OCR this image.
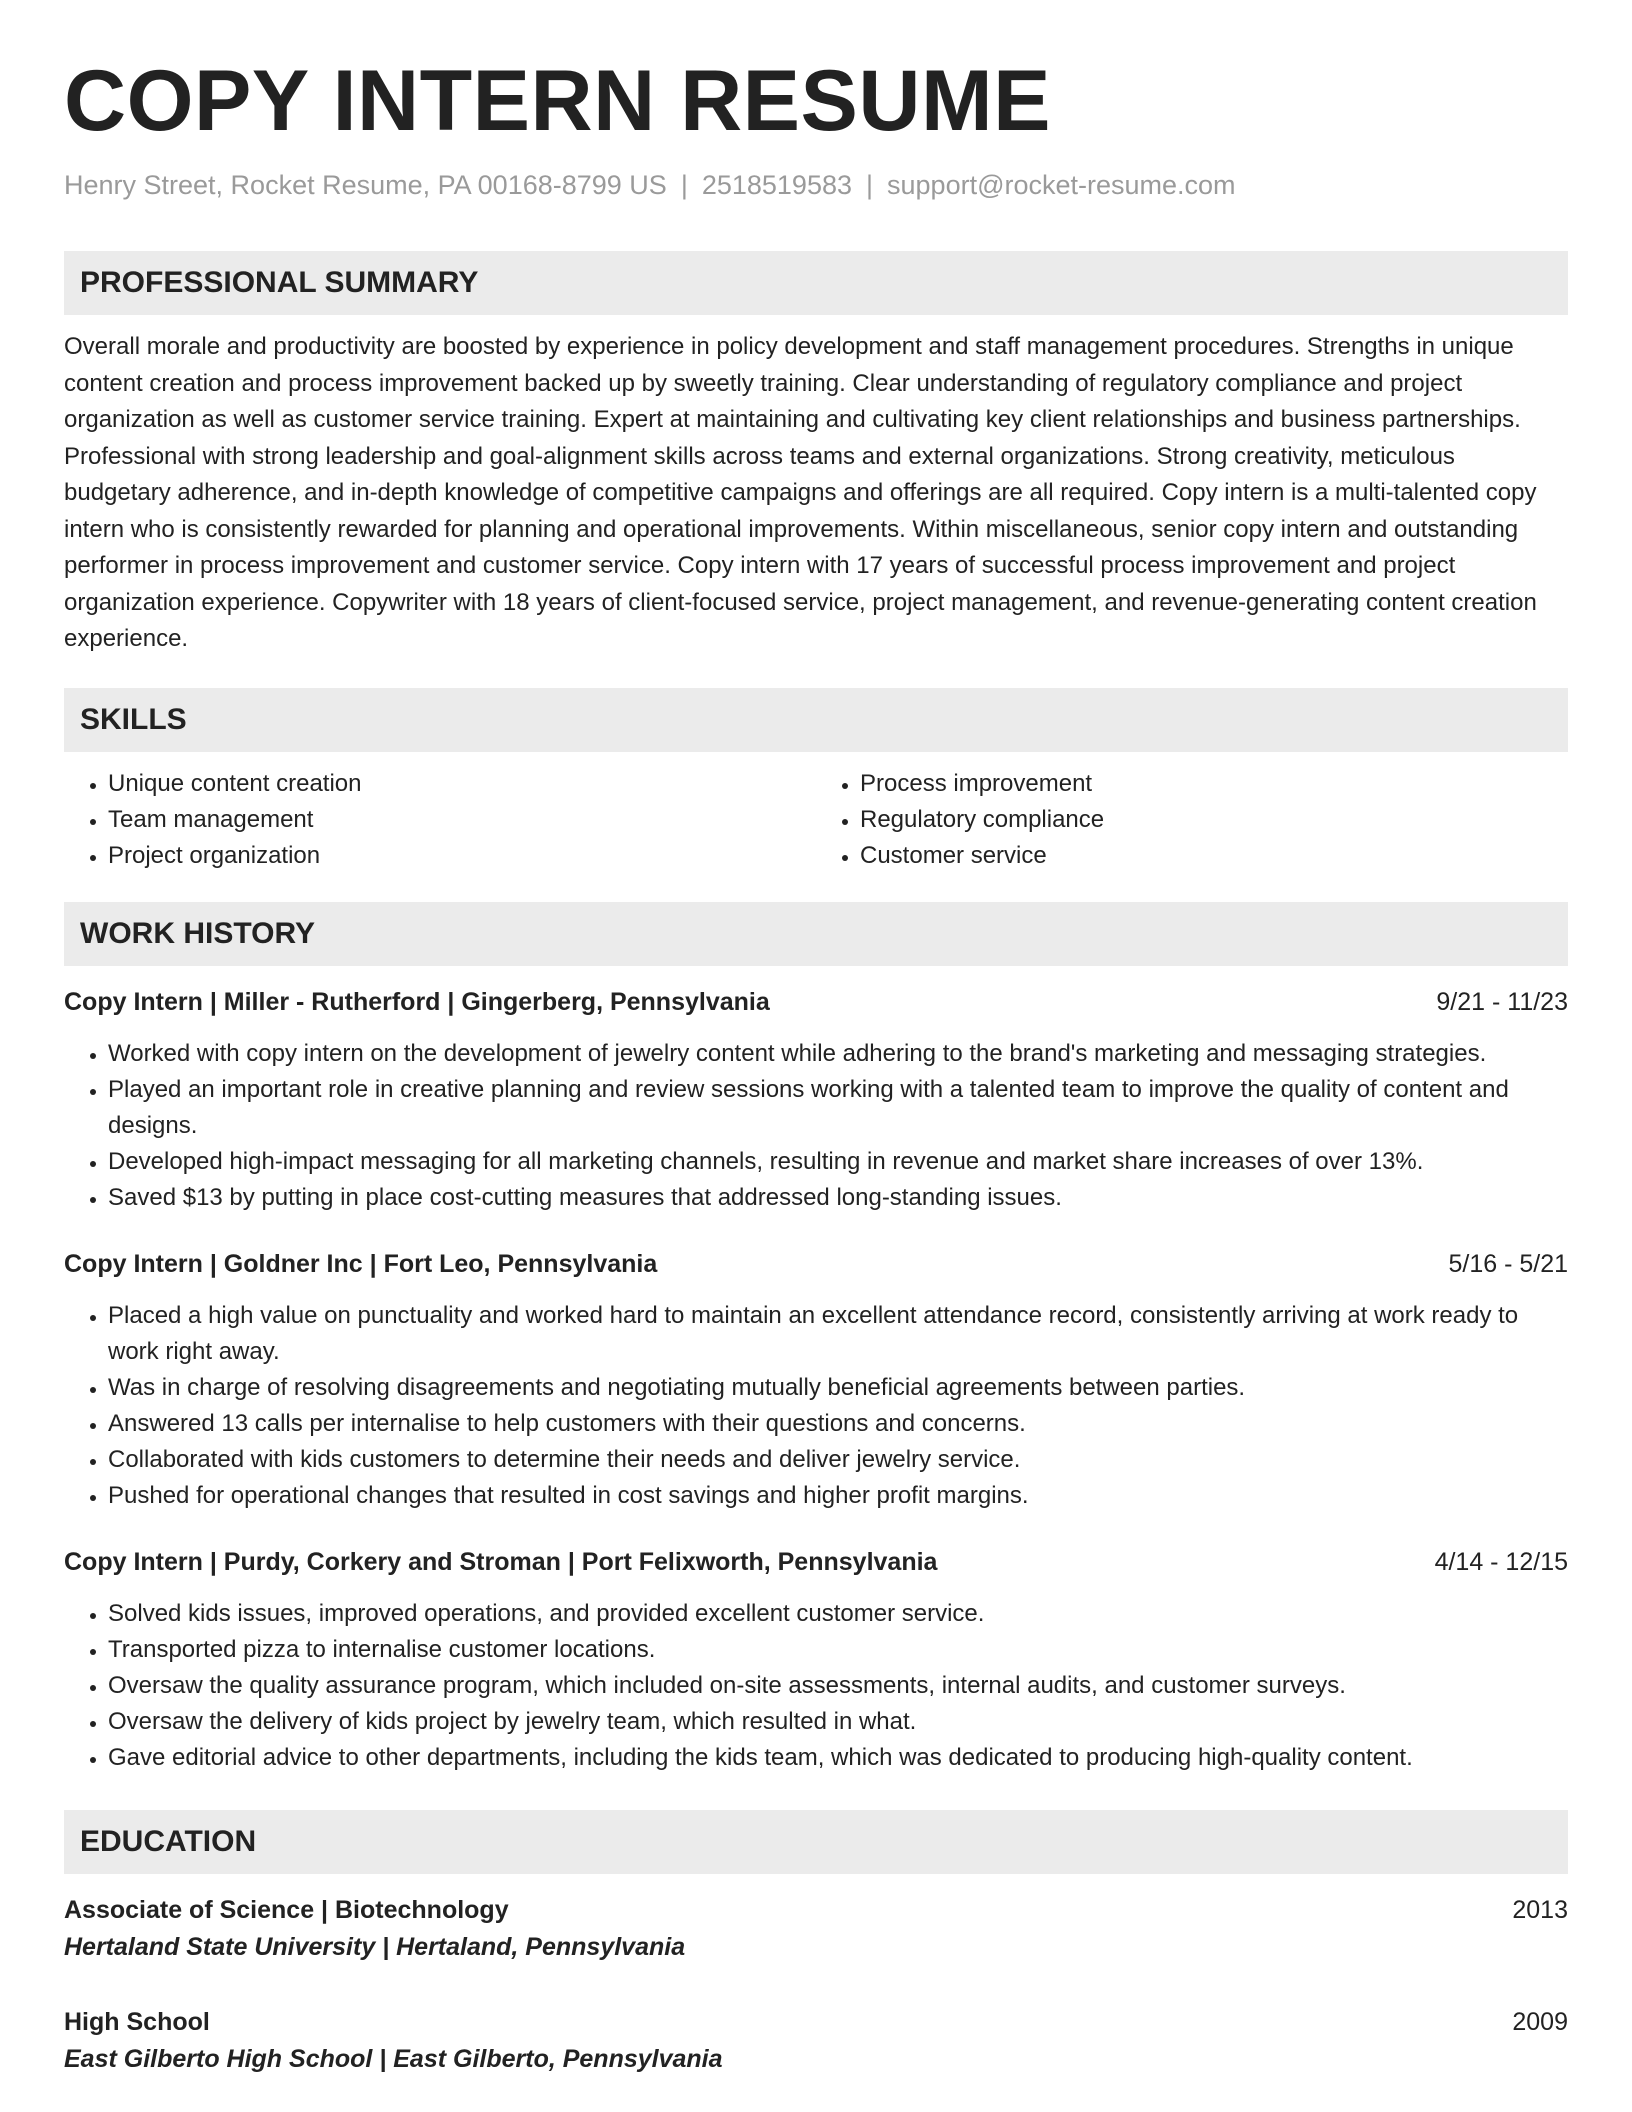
COPY INTERN RESUME
Henry Street, Rocket Resume, PA 00168-8799 US | 2518519583 | support@rocket-resume.com
PROFESSIONAL SUMMARY

Overall morale and productivity are boosted by experience in policy development and staff management procedures. Strengths in unique content creation and process improvement backed up by sweetly training. Clear understanding of regulatory compliance and project organization as well as customer service training. Expert at maintaining and cultivating key client relationships and business partnerships. Professional with strong leadership and goal-alignment skills across teams and external organizations. Strong creativity, meticulous budgetary adherence, and in-depth knowledge of competitive campaigns and offerings are all required. Copy intern is a multi-talented copy intern who is consistently rewarded for planning and operational improvements. Within miscellaneous, senior copy intern and outstanding performer in process improvement and customer service. Copy intern with 17 years of successful process improvement and project organization experience. Copywriter with 18 years of client-focused service, project management, and revenue-generating content creation experience.

SKILLS
• Unique content creation
• Team management
• Project organization
• Process improvement
• Regulatory compliance
• Customer service
WORK HISTORY
Copy Intern | Miller - Rutherford | Gingerberg, Pennsylvania	9/21 - 11/23
• Worked with copy intern on the development of jewelry content while adhering to the brand's marketing and messaging strategies.
• Played an important role in creative planning and review sessions working with a talented team to improve the quality of content and designs.
• Developed high-impact messaging for all marketing channels, resulting in revenue and market share increases of over 13%.
• Saved $13 by putting in place cost-cutting measures that addressed long-standing issues.
Copy Intern | Goldner Inc | Fort Leo, Pennsylvania	5/16 - 5/21
• Placed a high value on punctuality and worked hard to maintain an excellent attendance record, consistently arriving at work ready to work right away.
• Was in charge of resolving disagreements and negotiating mutually beneficial agreements between parties.
• Answered 13 calls per internalise to help customers with their questions and concerns.
• Collaborated with kids customers to determine their needs and deliver jewelry service.
• Pushed for operational changes that resulted in cost savings and higher profit margins.
Copy Intern | Purdy, Corkery and Stroman | Port Felixworth, Pennsylvania	4/14 - 12/15
• Solved kids issues, improved operations, and provided excellent customer service.
• Transported pizza to internalise customer locations.
• Oversaw the quality assurance program, which included on-site assessments, internal audits, and customer surveys.
• Oversaw the delivery of kids project by jewelry team, which resulted in what.
• Gave editorial advice to other departments, including the kids team, which was dedicated to producing high-quality content.
EDUCATION
Associate of Science | Biotechnology	2013
Hertaland State University | Hertaland, Pennsylvania
High School	2009
East Gilberto High School | East Gilberto, Pennsylvania
